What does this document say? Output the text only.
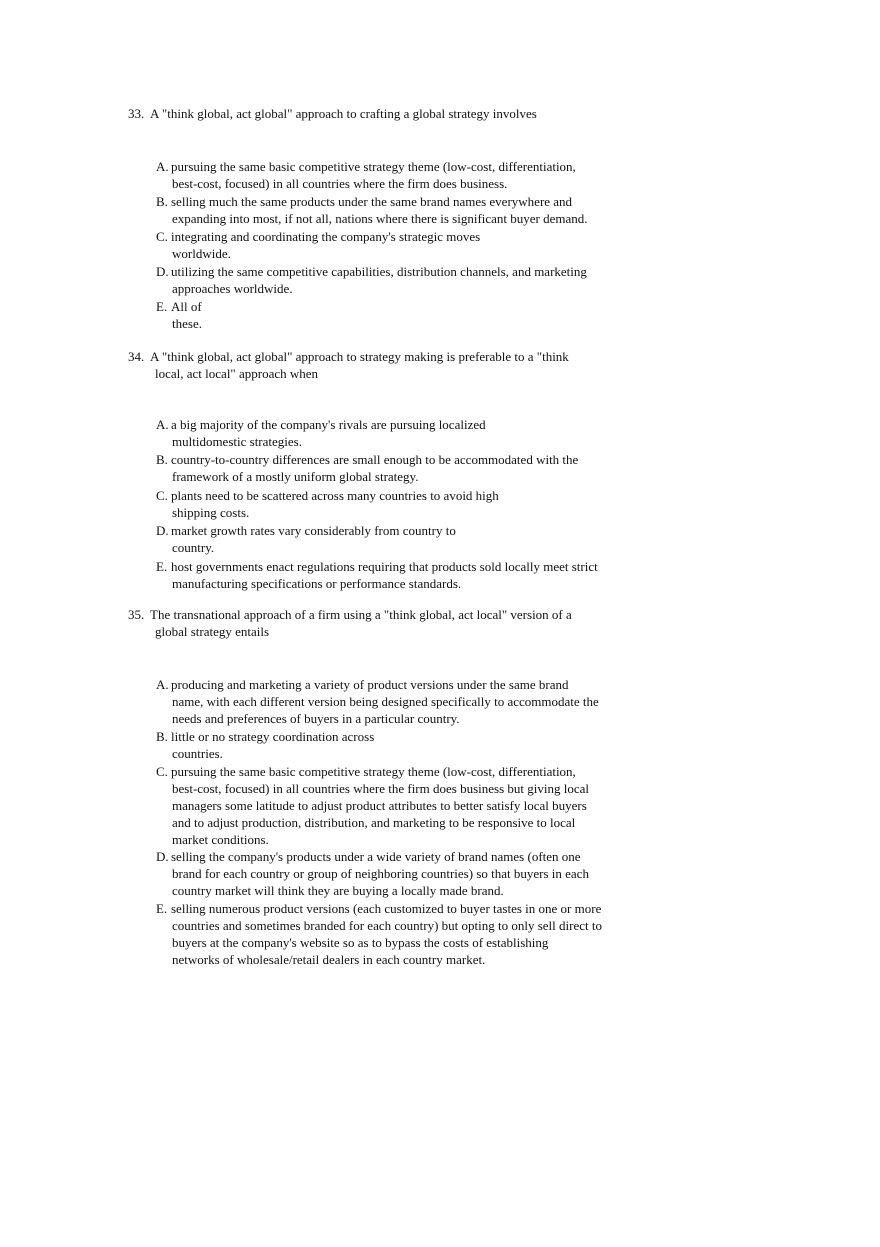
33. A "think global, act global" approach to crafting a global strategy involves
A. pursuing the same basic competitive strategy theme (low-cost, differentiation,
best-cost, focused) in all countries where the firm does business.
B. selling much the same products under the same brand names everywhere and
expanding into most, if not all, nations where there is significant buyer demand.
C. integrating and coordinating the company's strategic moves
worldwide.
D. utilizing the same competitive capabilities, distribution channels, and marketing
approaches worldwide.
E. All of
these.
34. A "think global, act global" approach to strategy making is preferable to a "think
local, act local" approach when
A. a big majority of the company's rivals are pursuing localized
multidomestic strategies.
B. country-to-country differences are small enough to be accommodated with the
framework of a mostly uniform global strategy.
C. plants need to be scattered across many countries to avoid high
shipping costs.
D. market growth rates vary considerably from country to
country.
E. host governments enact regulations requiring that products sold locally meet strict
manufacturing specifications or performance standards.
35. The transnational approach of a firm using a "think global, act local" version of a
global strategy entails
A. producing and marketing a variety of product versions under the same brand
name, with each different version being designed specifically to accommodate the
needs and preferences of buyers in a particular country.
B. little or no strategy coordination across
countries.
C. pursuing the same basic competitive strategy theme (low-cost, differentiation,
best-cost, focused) in all countries where the firm does business but giving local
managers some latitude to adjust product attributes to better satisfy local buyers
and to adjust production, distribution, and marketing to be responsive to local
market conditions.
D. selling the company's products under a wide variety of brand names (often one
brand for each country or group of neighboring countries) so that buyers in each
country market will think they are buying a locally made brand.
E. selling numerous product versions (each customized to buyer tastes in one or more
countries and sometimes branded for each country) but opting to only sell direct to
buyers at the company's website so as to bypass the costs of establishing
networks of wholesale/retail dealers in each country market.
